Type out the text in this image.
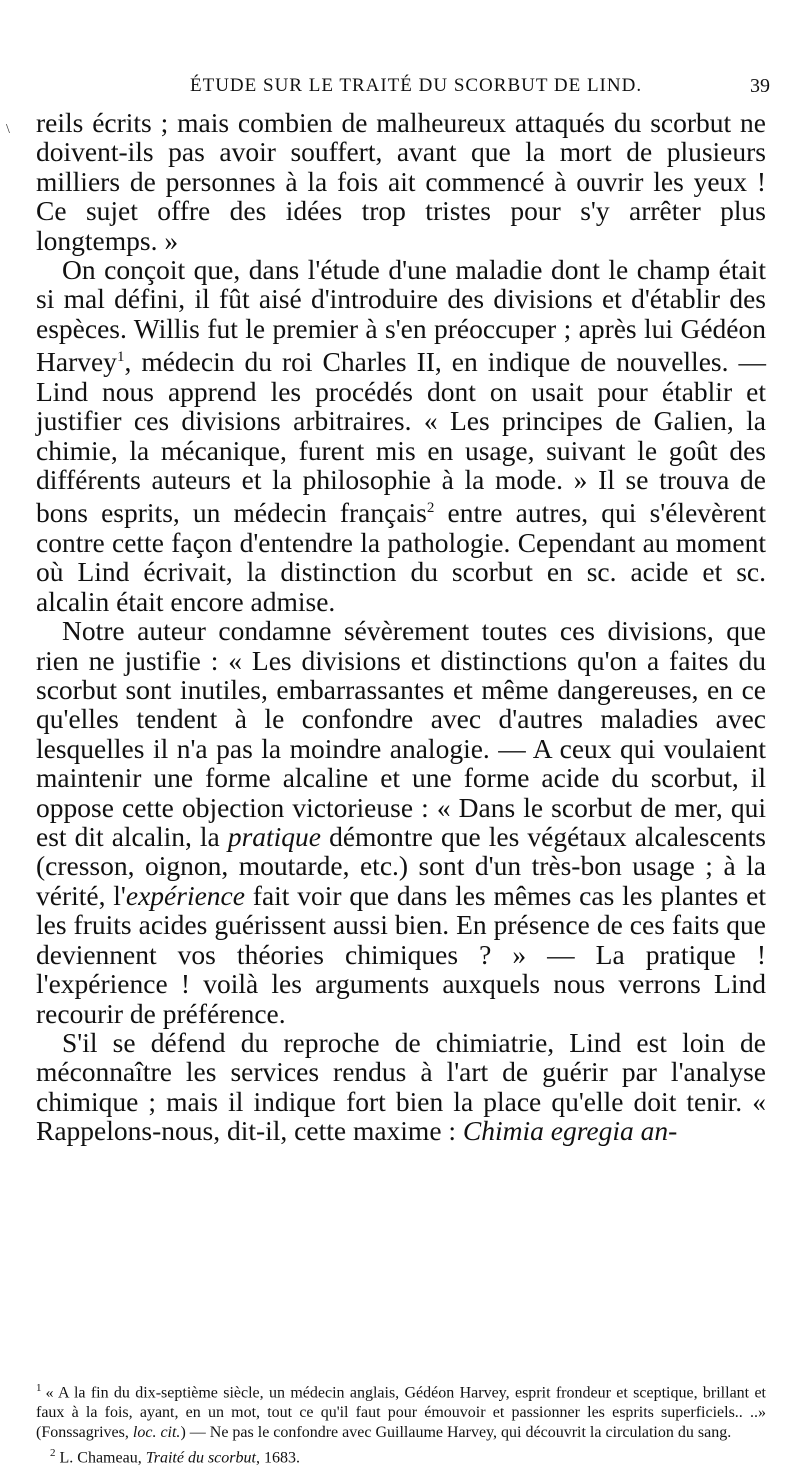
ÉTUDE SUR LE TRAITÉ DU SCORBUT DE LIND.	39
\ reils écrits ; mais combien de malheureux attaqués du scorbut ne doivent-ils pas avoir souffert, avant que la mort de plusieurs milliers de personnes à la fois ait commencé à ouvrir les yeux ! Ce sujet offre des idées trop tristes pour s'y arrêter plus longtemps. »

On conçoit que, dans l'étude d'une maladie dont le champ était si mal défini, il fût aisé d'introduire des divisions et d'établir des espèces. Willis fut le premier à s'en préoccuper ; après lui Gédéon Harvey$^1$, médecin du roi Charles II, en indique de nouvelles. — Lind nous apprend les procédés dont on usait pour établir et justifier ces divisions arbitraires. « Les principes de Galien, la chimie, la mécanique, furent mis en usage, suivant le goût des différents auteurs et la philosophie à la mode. » Il se trouva de bons esprits, un médecin français$^2$ entre autres, qui s'élevèrent contre cette façon d'entendre la pathologie. Cependant au moment où Lind écrivait, la distinction du scorbut en sc. acide et sc. alcalin était encore admise.

Notre auteur condamne sévèrement toutes ces divisions, que rien ne justifie : « Les divisions et distinctions qu'on a faites du scorbut sont inutiles, embarrassantes et même dangereuses, en ce qu'elles tendent à le confondre avec d'autres maladies avec lesquelles il n'a pas la moindre analogie. — A ceux qui voulaient maintenir une forme alcaline et une forme acide du scorbut, il oppose cette objection victorieuse : « Dans le scorbut de mer, qui est dit alcalin, la pratique démontre que les végétaux alcalescents (cresson, oignon, moutarde, etc.) sont d'un très-bon usage ; à la vérité, l'expérience fait voir que dans les mêmes cas les plantes et les fruits acides guérissent aussi bien. En présence de ces faits que deviennent vos théories chimiques ? » — La pratique ! l'expérience ! voilà les arguments auxquels nous verrons Lind recourir de préférence.

S'il se défend du reproche de chimiatrie, Lind est loin de méconnaître les services rendus à l'art de guérir par l'analyse chimique ; mais il indique fort bien la place qu'elle doit tenir. « Rappelons-nous, dit-il, cette maxime : Chimia egregia an-

$^1$ « A la fin du dix-septième siècle, un médecin anglais, Gédéon Harvey, esprit frondeur et sceptique, brillant et faux à la fois, ayant, en un mot, tout ce qu'il faut pour émouvoir et passionner les esprits superficiels.. ..» (Fonssagrives, loc. cit.) — Ne pas le confondre avec Guillaume Harvey, qui découvrit la circulation du sang.

$^2$ L. Chameau, Traité du scorbut, 1683.
